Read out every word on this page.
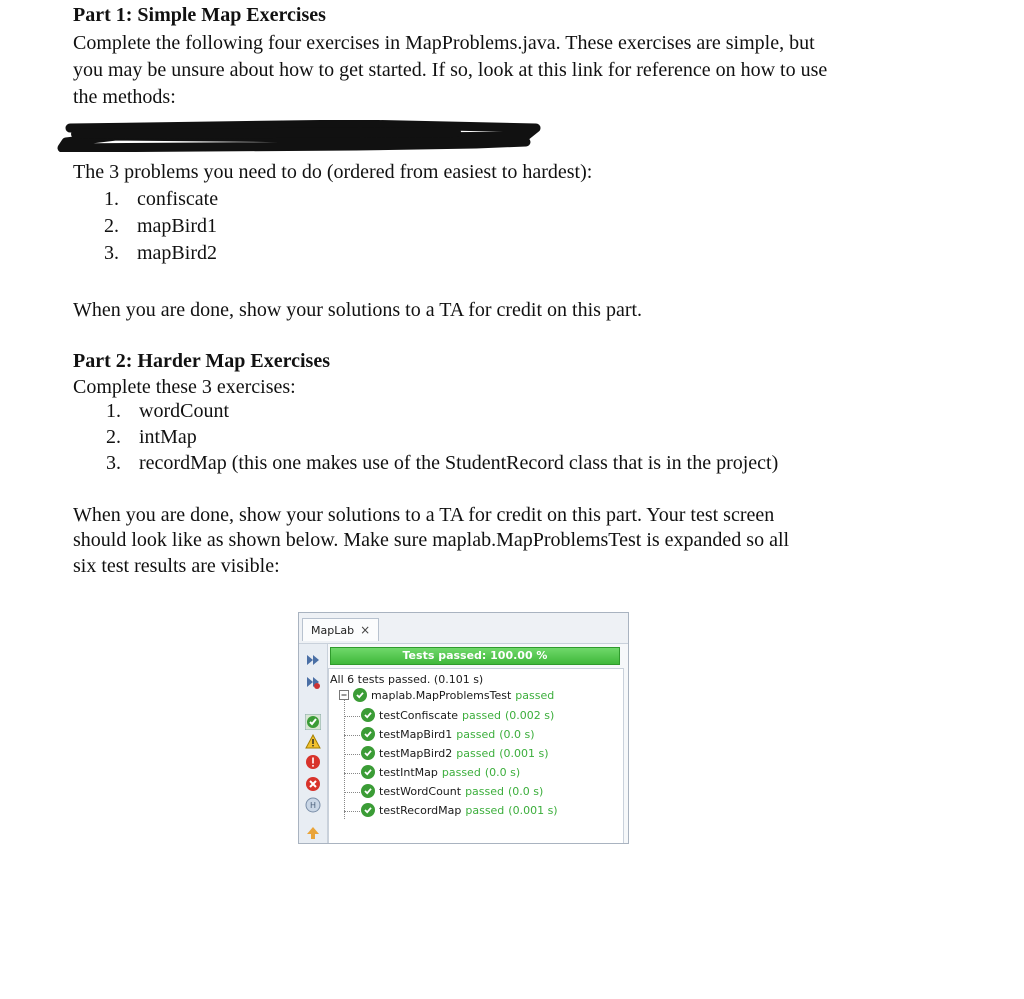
Part 1: Simple Map Exercises
Complete the following four exercises in MapProblems.java. These exercises are simple, but
you may be unsure about how to get started. If so, look at this link for reference on how to use
the methods:
The 3 problems you need to do (ordered from easiest to hardest):
1. confiscate
2. mapBird1
3. mapBird2
When you are done, show your solutions to a TA for credit on this part.
Part 2: Harder Map Exercises
Complete these 3 exercises:
1. wordCount
2. intMap
3. recordMap (this one makes use of the StudentRecord class that is in the project)
When you are done, show your solutions to a TA for credit on this part. Your test screen
should look like as shown below. Make sure maplab.MapProblemsTest is expanded so all
six test results are visible:
MapLab ×
H
Tests passed: 100.00 %
All 6 tests passed. (0.101 s)
maplab.MapProblemsTest passed
testConfiscate passed (0.002 s)
testMapBird1 passed (0.0 s)
testMapBird2 passed (0.001 s)
testIntMap passed (0.0 s)
testWordCount passed (0.0 s)
testRecordMap passed (0.001 s)
